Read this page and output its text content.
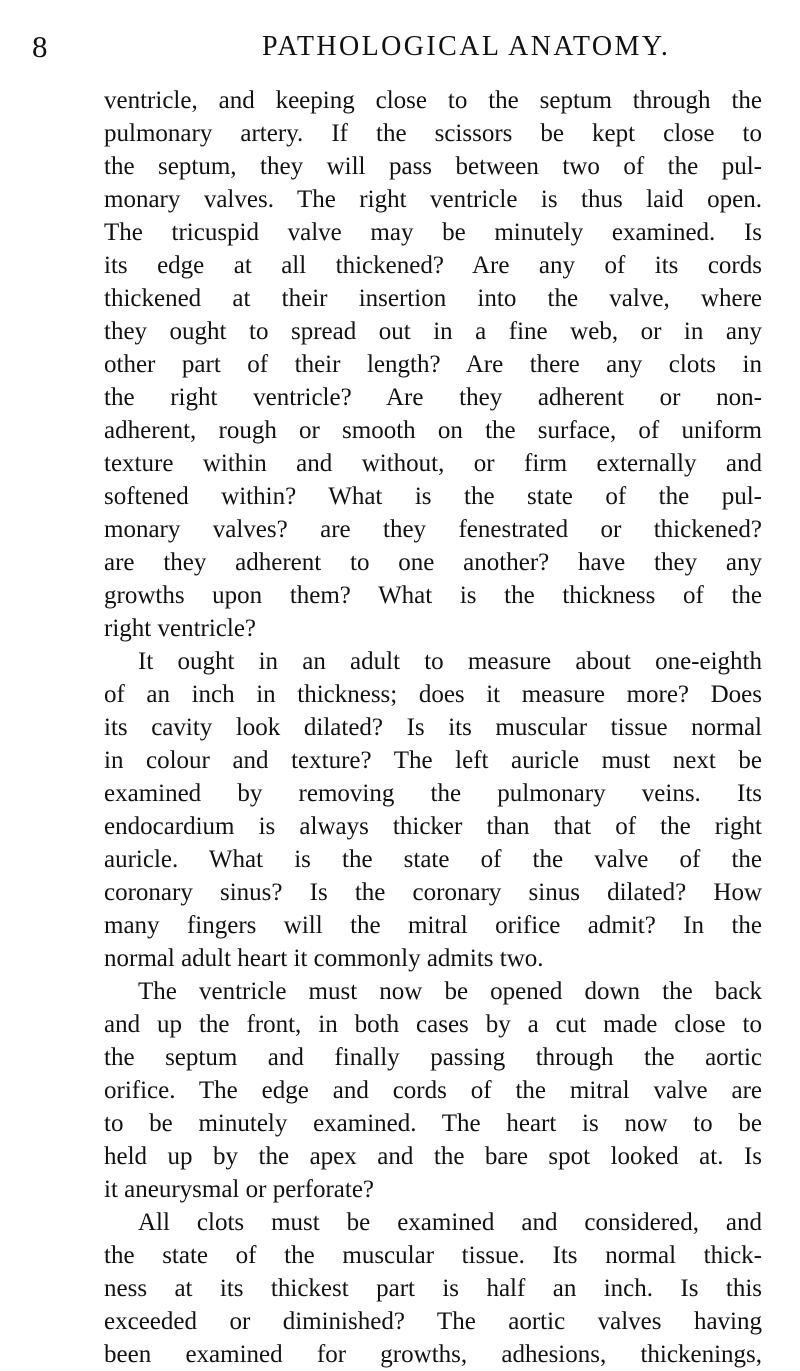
8	PATHOLOGICAL ANATOMY.
ventricle, and keeping close to the septum through the
pulmonary artery. If the scissors be kept close to
the septum, they will pass between two of the pul-
monary valves. The right ventricle is thus laid open.
The tricuspid valve may be minutely examined. Is
its edge at all thickened? Are any of its cords
thickened at their insertion into the valve, where
they ought to spread out in a fine web, or in any
other part of their length? Are there any clots in
the right ventricle? Are they adherent or non-
adherent, rough or smooth on the surface, of uniform
texture within and without, or firm externally and
softened within? What is the state of the pul-
monary valves? are they fenestrated or thickened?
are they adherent to one another? have they any
growths upon them? What is the thickness of the
right ventricle?
It ought in an adult to measure about one-eighth
of an inch in thickness; does it measure more? Does
its cavity look dilated? Is its muscular tissue normal
in colour and texture? The left auricle must next be
examined by removing the pulmonary veins. Its
endocardium is always thicker than that of the right
auricle. What is the state of the valve of the
coronary sinus? Is the coronary sinus dilated? How
many fingers will the mitral orifice admit? In the
normal adult heart it commonly admits two.
The ventricle must now be opened down the back
and up the front, in both cases by a cut made close to
the septum and finally passing through the aortic
orifice. The edge and cords of the mitral valve are
to be minutely examined. The heart is now to be
held up by the apex and the bare spot looked at. Is
it aneurysmal or perforate?
All clots must be examined and considered, and
the state of the muscular tissue. Its normal thick-
ness at its thickest part is half an inch. Is this
exceeded or diminished? The aortic valves having
been examined for growths, adhesions, thickenings,
